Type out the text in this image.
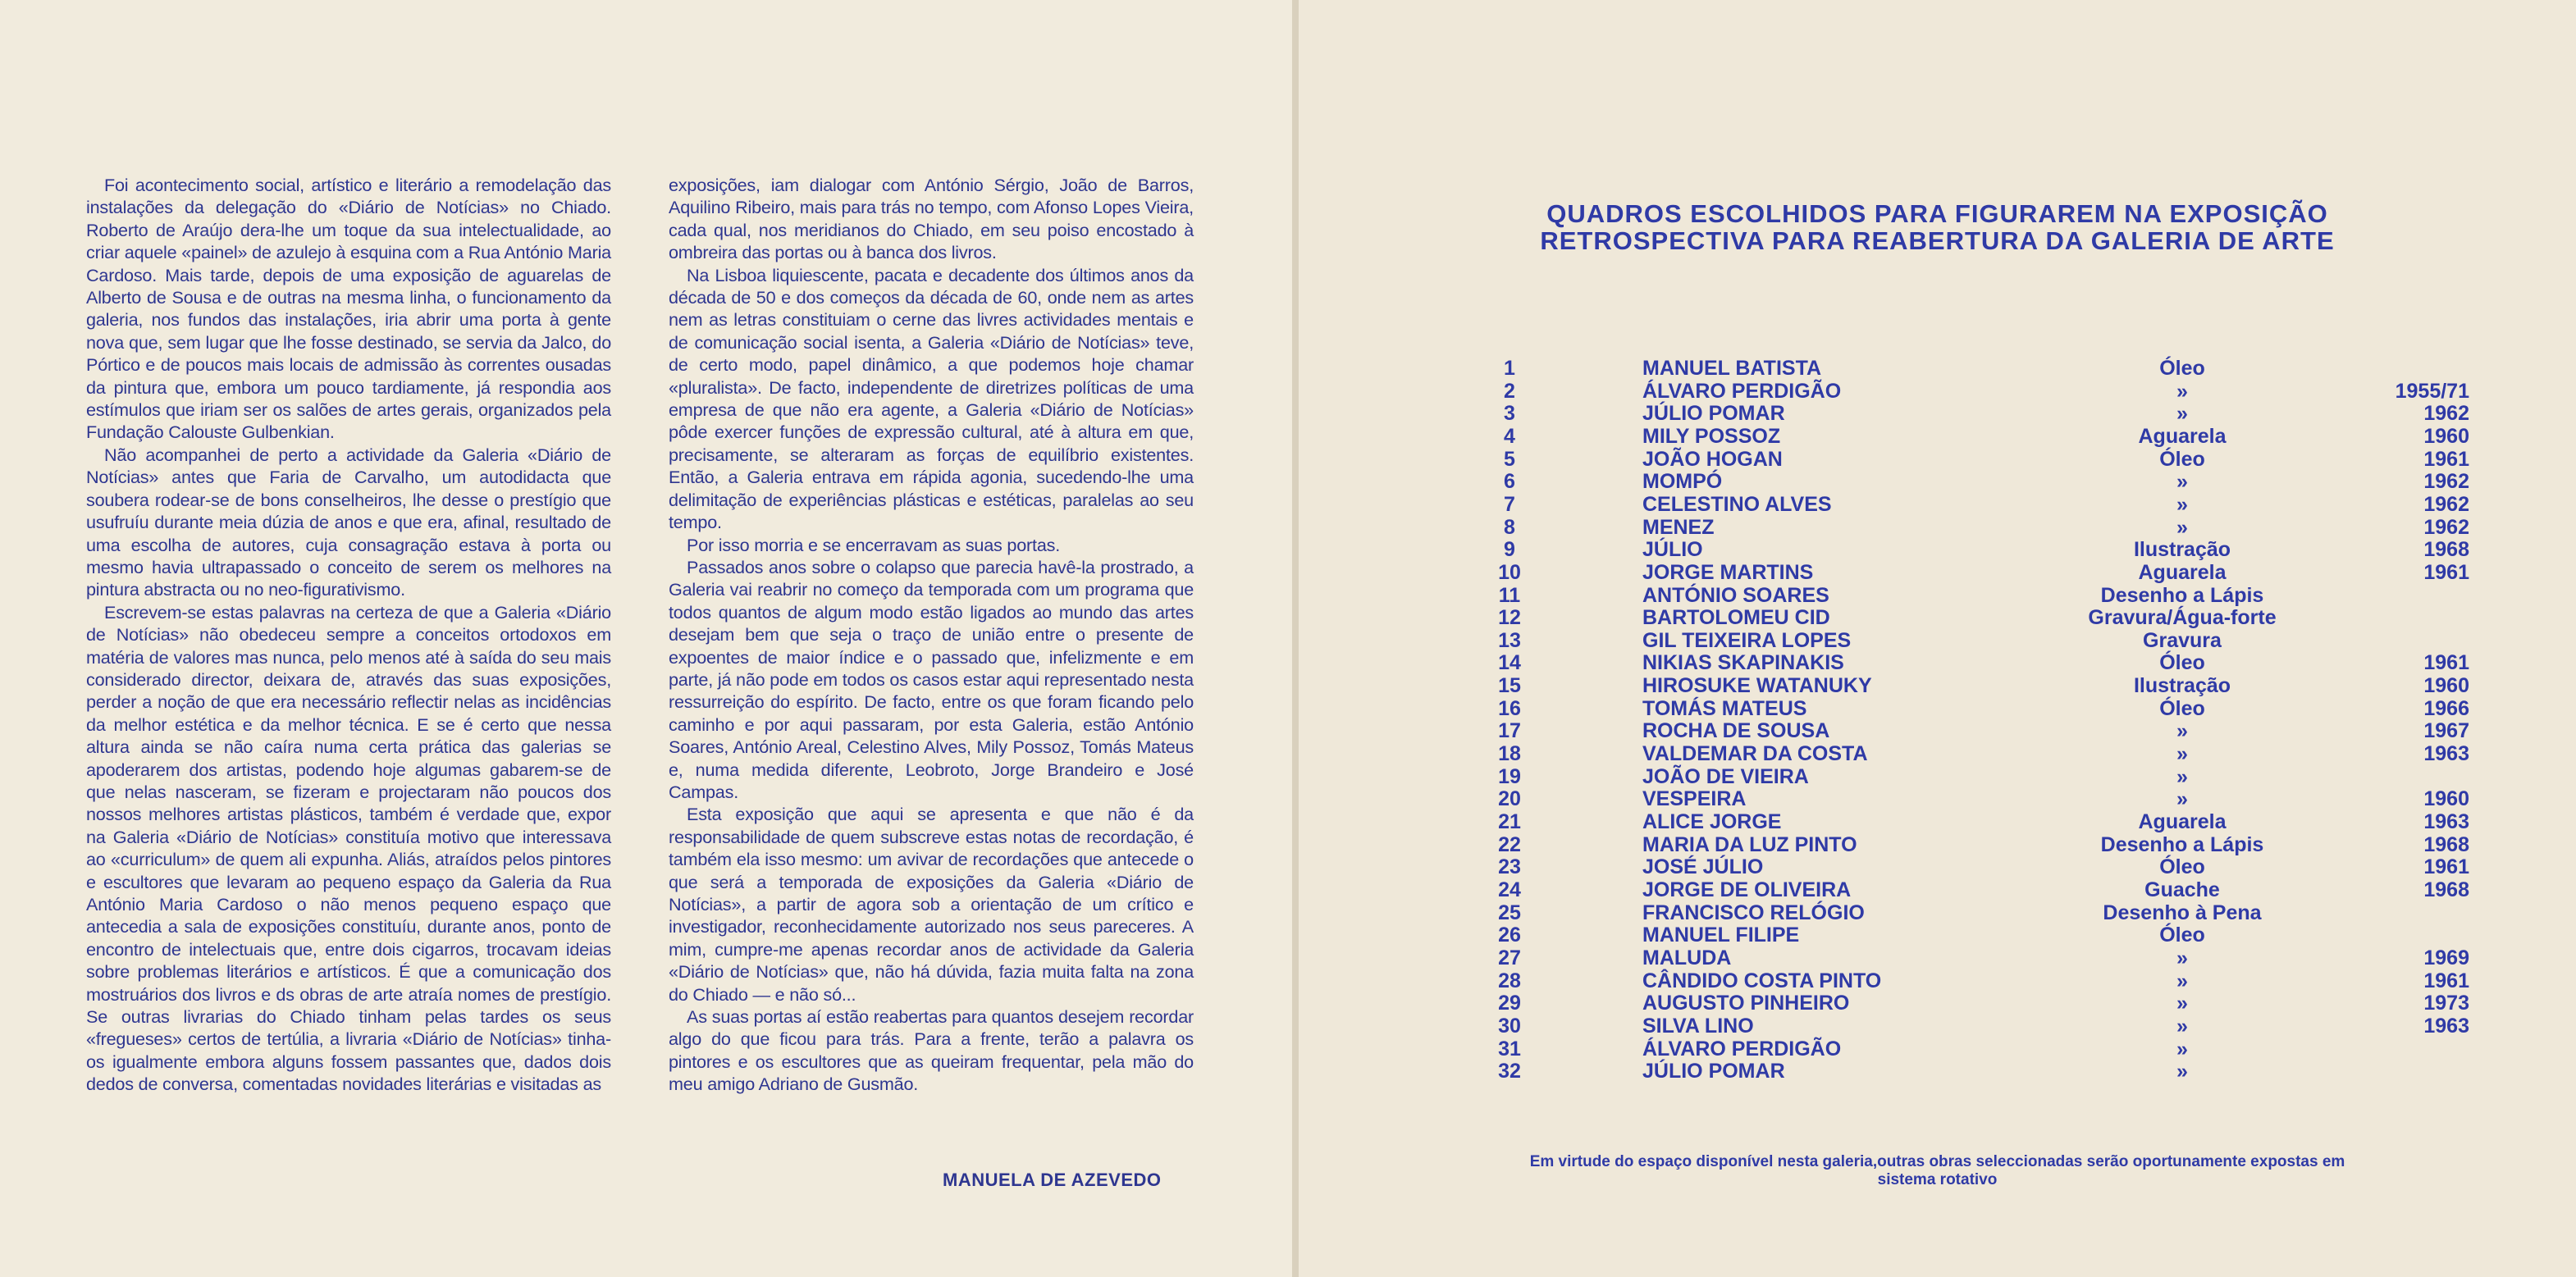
Foi acontecimento social, artístico e literário a remodelação das instalações da delegação do «Diário de Notícias» no Chiado. Roberto de Araújo dera-lhe um toque da sua intelectualidade, ao criar aquele «painel» de azulejo à esquina com a Rua António Maria Cardoso. Mais tarde, depois de uma exposição de aguarelas de Alberto de Sousa e de outras na mesma linha, o funcionamento da galeria, nos fundos das instalações, iria abrir uma porta à gente nova que, sem lugar que lhe fosse destinado, se servia da Jalco, do Pórtico e de poucos mais locais de admissão às correntes ousadas da pintura que, embora um pouco tardiamente, já respondia aos estímulos que iriam ser os salões de artes gerais, organizados pela Fundação Calouste Gulbenkian.

Não acompanhei de perto a actividade da Galeria «Diário de Notícias» antes que Faria de Carvalho, um autodidacta que soubera rodear-se de bons conselheiros, lhe desse o prestígio que usufruíu durante meia dúzia de anos e que era, afinal, resultado de uma escolha de autores, cuja consagração estava à porta ou mesmo havia ultrapassado o conceito de serem os melhores na pintura abstracta ou no neo-figurativismo.

Escrevem-se estas palavras na certeza de que a Galeria «Diário de Notícias» não obedeceu sempre a conceitos ortodoxos em matéria de valores mas nunca, pelo menos até à saída do seu mais considerado director, deixara de, através das suas exposições, perder a noção de que era necessário reflectir nelas as incidências da melhor estética e da melhor técnica. E se é certo que nessa altura ainda se não caíra numa certa prática das galerias se apoderarem dos artistas, podendo hoje algumas gabarem-se de que nelas nasceram, se fizeram e projectaram não poucos dos nossos melhores artistas plásticos, também é verdade que, expor na Galeria «Diário de Notícias» constituía motivo que interessava ao «curriculum» de quem ali expunha. Aliás, atraídos pelos pintores e escultores que levaram ao pequeno espaço da Galeria da Rua António Maria Cardoso o não menos pequeno espaço que antecedia a sala de exposições constituíu, durante anos, ponto de encontro de intelectuais que, entre dois cigarros, trocavam ideias sobre problemas literários e artísticos. É que a comunicação dos mostruários dos livros e ds obras de arte atraía nomes de prestígio. Se outras livrarias do Chiado tinham pelas tardes os seus «fregueses» certos de tertúlia, a livraria «Diário de Notícias» tinha-os igualmente embora alguns fossem passantes que, dados dois dedos de conversa, comentadas novidades literárias e visitadas as

exposições, iam dialogar com António Sérgio, João de Barros, Aquilino Ribeiro, mais para trás no tempo, com Afonso Lopes Vieira, cada qual, nos meridianos do Chiado, em seu poiso encostado à ombreira das portas ou à banca dos livros.

Na Lisboa liquiescente, pacata e decadente dos últimos anos da década de 50 e dos começos da década de 60, onde nem as artes nem as letras constituiam o cerne das livres actividades mentais e de comunicação social isenta, a Galeria «Diário de Notícias» teve, de certo modo, papel dinâmico, a que podemos hoje chamar «pluralista». De facto, independente de diretrizes políticas de uma empresa de que não era agente, a Galeria «Diário de Notícias» pôde exercer funções de expressão cultural, até à altura em que, precisamente, se alteraram as forças de equilíbrio existentes. Então, a Galeria entrava em rápida agonia, sucedendo-lhe uma delimitação de experiências plásticas e estéticas, paralelas ao seu tempo.

Por isso morria e se encerravam as suas portas.

Passados anos sobre o colapso que parecia havê-la prostrado, a Galeria vai reabrir no começo da temporada com um programa que todos quantos de algum modo estão ligados ao mundo das artes desejam bem que seja o traço de união entre o presente de expoentes de maior índice e o passado que, infelizmente e em parte, já não pode em todos os casos estar aqui representado nesta ressurreição do espírito. De facto, entre os que foram ficando pelo caminho e por aqui passaram, por esta Galeria, estão António Soares, António Areal, Celestino Alves, Mily Possoz, Tomás Mateus e, numa medida diferente, Leobroto, Jorge Brandeiro e José Campas.

Esta exposição que aqui se apresenta e que não é da responsabilidade de quem subscreve estas notas de recordação, é também ela isso mesmo: um avivar de recordações que antecede o que será a temporada de exposições da Galeria «Diário de Notícias», a partir de agora sob a orientação de um crítico e investigador, reconhecidamente autorizado nos seus pareceres. A mim, cumpre-me apenas recordar anos de actividade da Galeria «Diário de Notícias» que, não há dúvida, fazia muita falta na zona do Chiado — e não só...

As suas portas aí estão reabertas para quantos desejem recordar algo do que ficou para trás. Para a frente, terão a palavra os pintores e os escultores que as queiram frequentar, pela mão do meu amigo Adriano de Gusmão.

MANUELA DE AZEVEDO
QUADROS ESCOLHIDOS PARA FIGURAREM NA EXPOSIÇÃO
RETROSPECTIVA PARA REABERTURA DA GALERIA DE ARTE
1	MANUEL BATISTA	Óleo
2	ÁLVARO PERDIGÃO	»	1955/71
3	JÚLIO POMAR	»	1962
4	MILY POSSOZ	Aguarela	1960
5	JOÃO HOGAN	Óleo	1961
6	MOMPÓ	»	1962
7	CELESTINO ALVES	»	1962
8	MENEZ	»	1962
9	JÚLIO	Ilustração	1968
10	JORGE MARTINS	Aguarela	1961
11	ANTÓNIO SOARES	Desenho a Lápis
12	BARTOLOMEU CID	Gravura/Água-forte
13	GIL TEIXEIRA LOPES	Gravura
14	NIKIAS SKAPINAKIS	Óleo	1961
15	HIROSUKE WATANUKY	Ilustração	1960
16	TOMÁS MATEUS	Óleo	1966
17	ROCHA DE SOUSA	»	1967
18	VALDEMAR DA COSTA	»	1963
19	JOÃO DE VIEIRA	»
20	VESPEIRA	»	1960
21	ALICE JORGE	Aguarela	1963
22	MARIA DA LUZ PINTO	Desenho a Lápis	1968
23	JOSÉ JÚLIO	Óleo	1961
24	JORGE DE OLIVEIRA	Guache	1968
25	FRANCISCO RELÓGIO	Desenho à Pena
26	MANUEL FILIPE	Óleo
27	MALUDA	»	1969
28	CÂNDIDO COSTA PINTO	»	1961
29	AUGUSTO PINHEIRO	»	1973
30	SILVA LINO	»	1963
31	ÁLVARO PERDIGÃO	»
32	JÚLIO POMAR	»
Em virtude do espaço disponível nesta galeria,outras obras seleccionadas serão oportunamente expostas em
sistema rotativo
